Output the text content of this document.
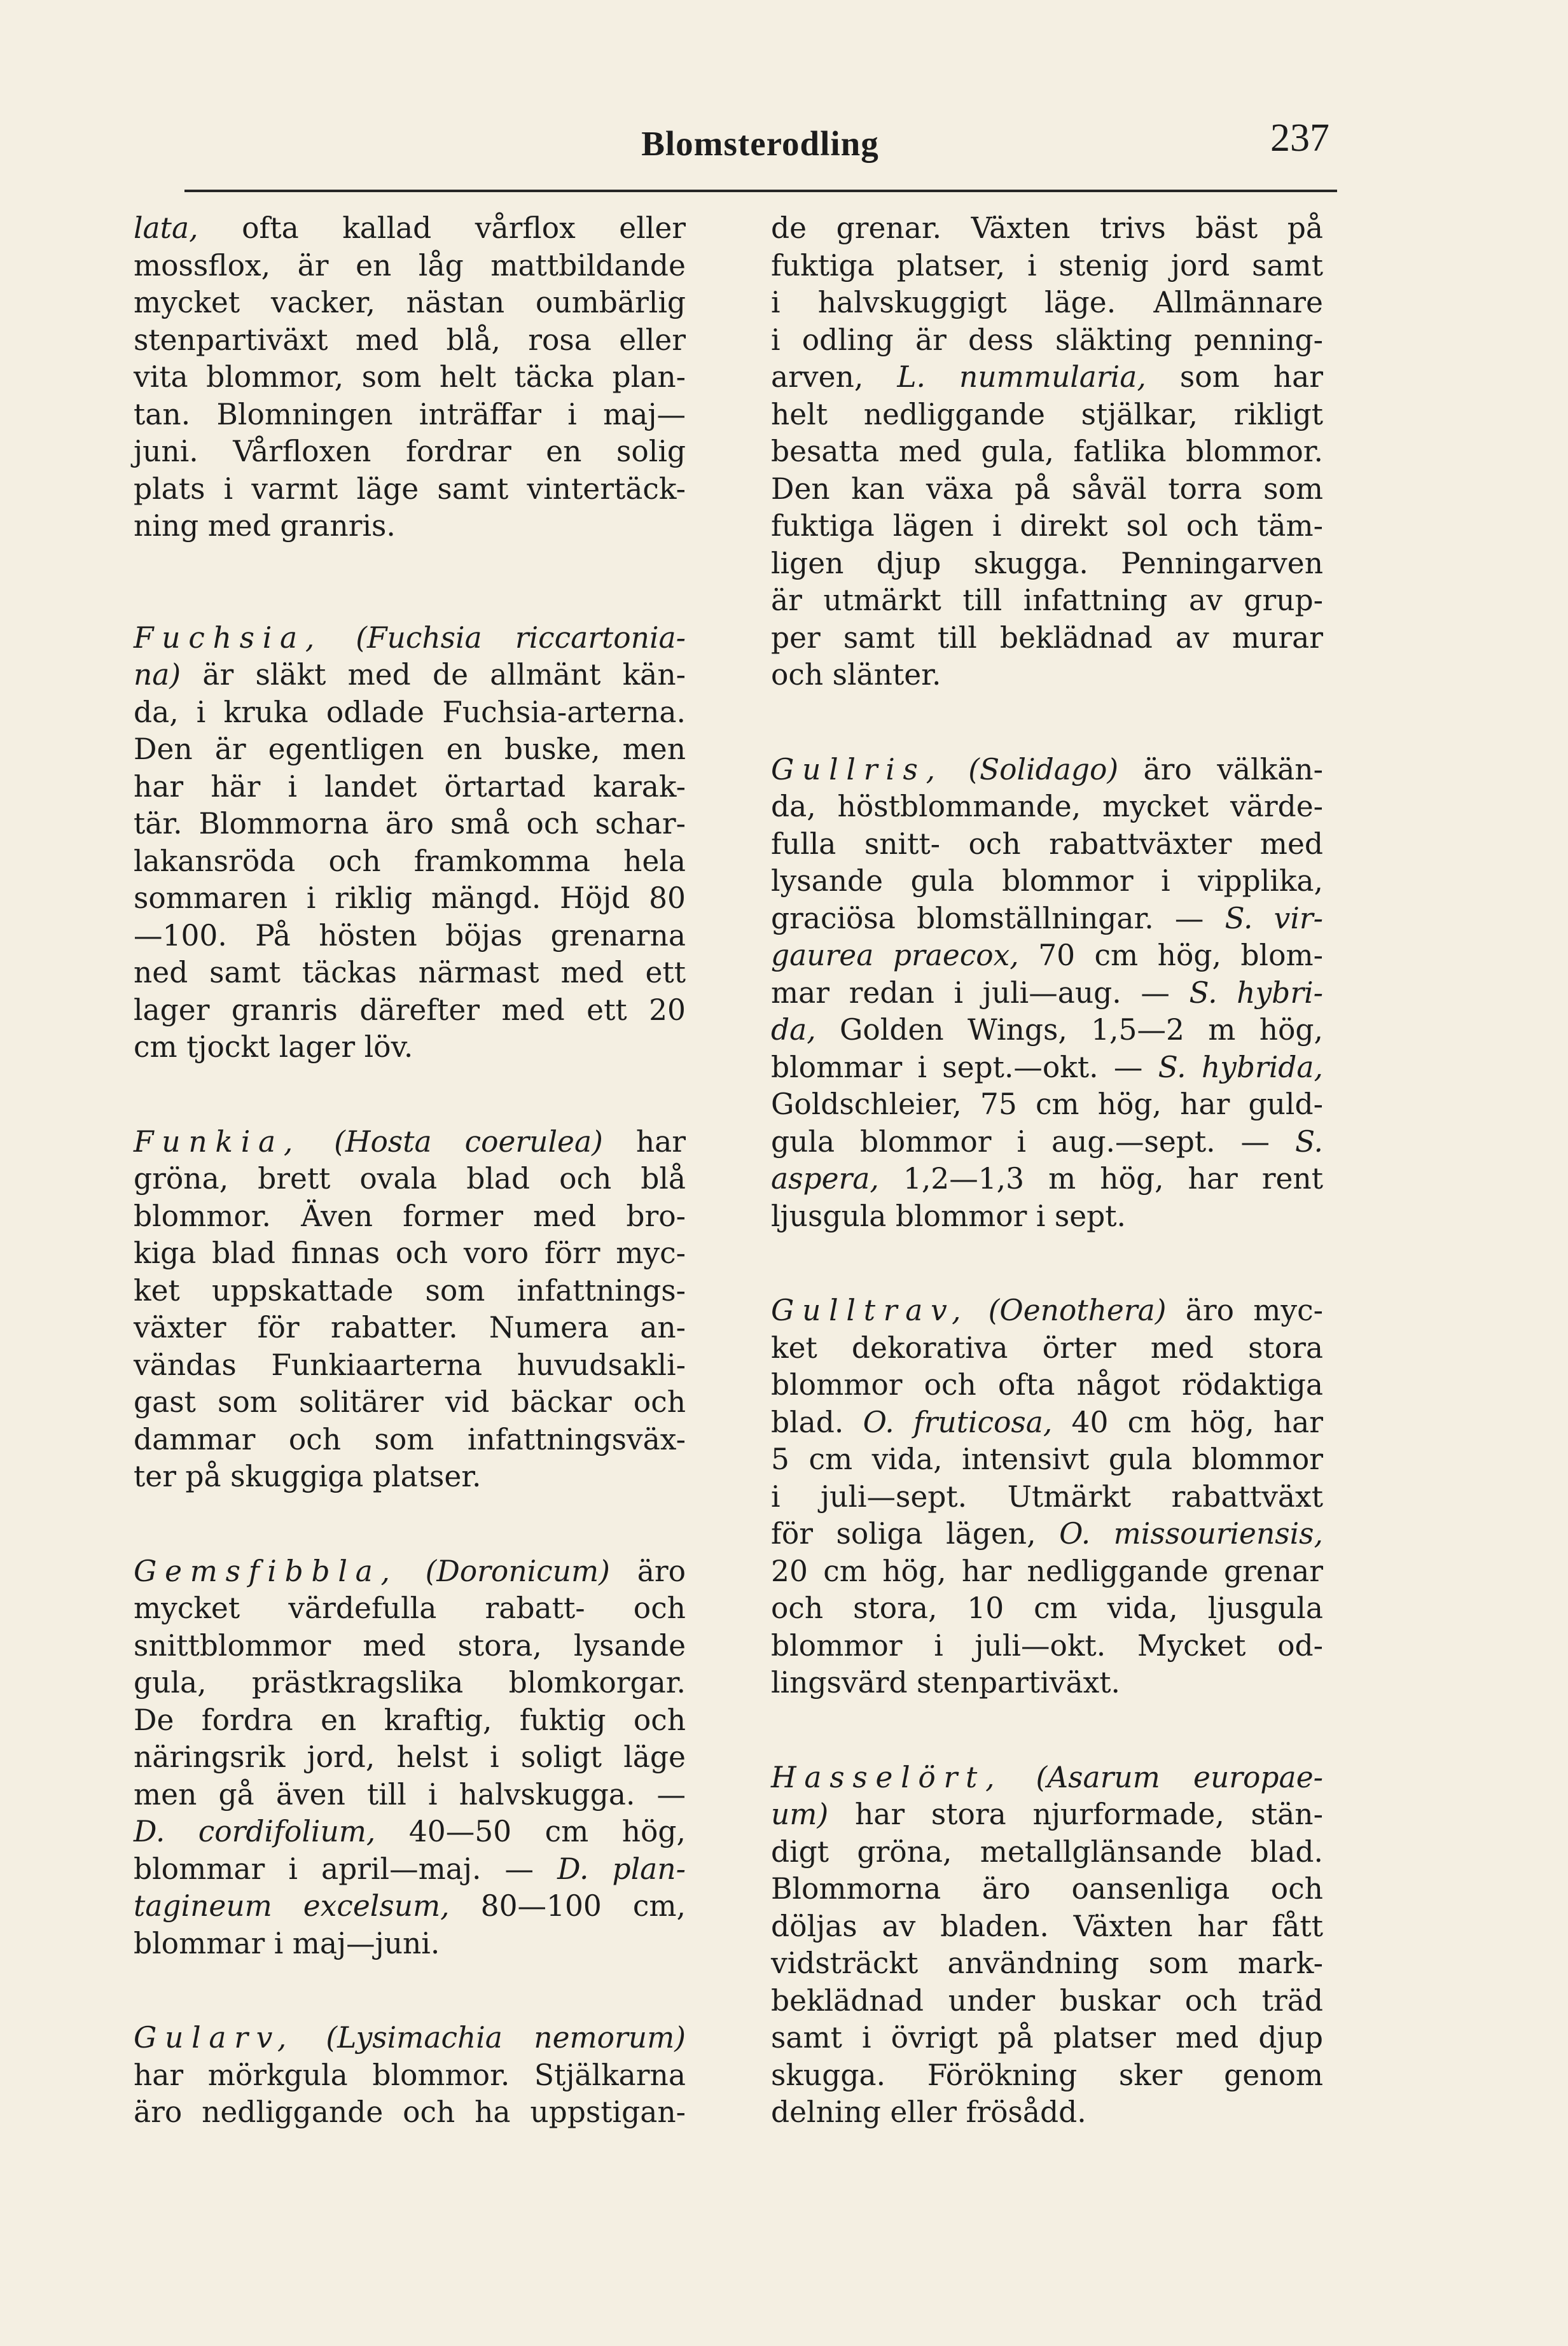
Blomsterodling	237
lata, ofta kallad vårflox eller
mossflox, är en låg mattbildande
mycket vacker, nästan oumbärlig
stenpartiväxt med blå, rosa eller
vita blommor, som helt täcka plan-
tan. Blomningen inträffar i maj—
juni. Vårfloxen fordrar en solig
plats i varmt läge samt vintertäck-
ning med granris.
Fuchsia, (Fuchsia riccartonia-
na) är släkt med de allmänt kän-
da, i kruka odlade Fuchsia-arterna.
Den är egentligen en buske, men
har här i landet örtartad karak-
tär. Blommorna äro små och schar-
lakansröda och framkomma hela
sommaren i riklig mängd. Höjd 80
—100. På hösten böjas grenarna
ned samt täckas närmast med ett
lager granris därefter med ett 20
cm tjockt lager löv.
Funkia, (Hosta coerulea) har
gröna, brett ovala blad och blå
blommor. Även former med bro-
kiga blad finnas och voro förr myc-
ket uppskattade som infattnings-
växter för rabatter. Numera an-
vändas Funkiaarterna huvudsakli-
gast som solitärer vid bäckar och
dammar och som infattningsväx-
ter på skuggiga platser.
Gemsfibbla, (Doronicum) äro
mycket värdefulla rabatt- och
snittblommor med stora, lysande
gula, prästkragslika blomkorgar.
De fordra en kraftig, fuktig och
näringsrik jord, helst i soligt läge
men gå även till i halvskugga. —
D. cordifolium, 40—50 cm hög,
blommar i april—maj. — D. plan-
tagineum excelsum, 80—100 cm,
blommar i maj—juni.
Gularv, (Lysimachia nemorum)
har mörkgula blommor. Stjälkarna
äro nedliggande och ha uppstigan-
de grenar. Växten trivs bäst på
fuktiga platser, i stenig jord samt
i halvskuggigt läge. Allmännare
i odling är dess släkting penning-
arven, L. nummularia, som har
helt nedliggande stjälkar, rikligt
besatta med gula, fatlika blommor.
Den kan växa på såväl torra som
fuktiga lägen i direkt sol och täm-
ligen djup skugga. Penningarven
är utmärkt till infattning av grup-
per samt till beklädnad av murar
och slänter.
Gullris, (Solidago) äro välkän-
da, höstblommande, mycket värde-
fulla snitt- och rabattväxter med
lysande gula blommor i vipplika,
graciösa blomställningar. — S. vir-
gaurea praecox, 70 cm hög, blom-
mar redan i juli—aug. — S. hybri-
da, Golden Wings, 1,5—2 m hög,
blommar i sept.—okt. — S. hybrida,
Goldschleier, 75 cm hög, har guld-
gula blommor i aug.—sept. — S.
aspera, 1,2—1,3 m hög, har rent
ljusgula blommor i sept.
Gulltrav, (Oenothera) äro myc-
ket dekorativa örter med stora
blommor och ofta något rödaktiga
blad. O. fruticosa, 40 cm hög, har
5 cm vida, intensivt gula blommor
i juli—sept. Utmärkt rabattväxt
för soliga lägen, O. missouriensis,
20 cm hög, har nedliggande grenar
och stora, 10 cm vida, ljusgula
blommor i juli—okt. Mycket od-
lingsvärd stenpartiväxt.
Hasselört, (Asarum europae-
um) har stora njurformade, stän-
digt gröna, metallglänsande blad.
Blommorna äro oansenliga och
döljas av bladen. Växten har fått
vidsträckt användning som mark-
beklädnad under buskar och träd
samt i övrigt på platser med djup
skugga. Förökning sker genom
delning eller frösådd.
